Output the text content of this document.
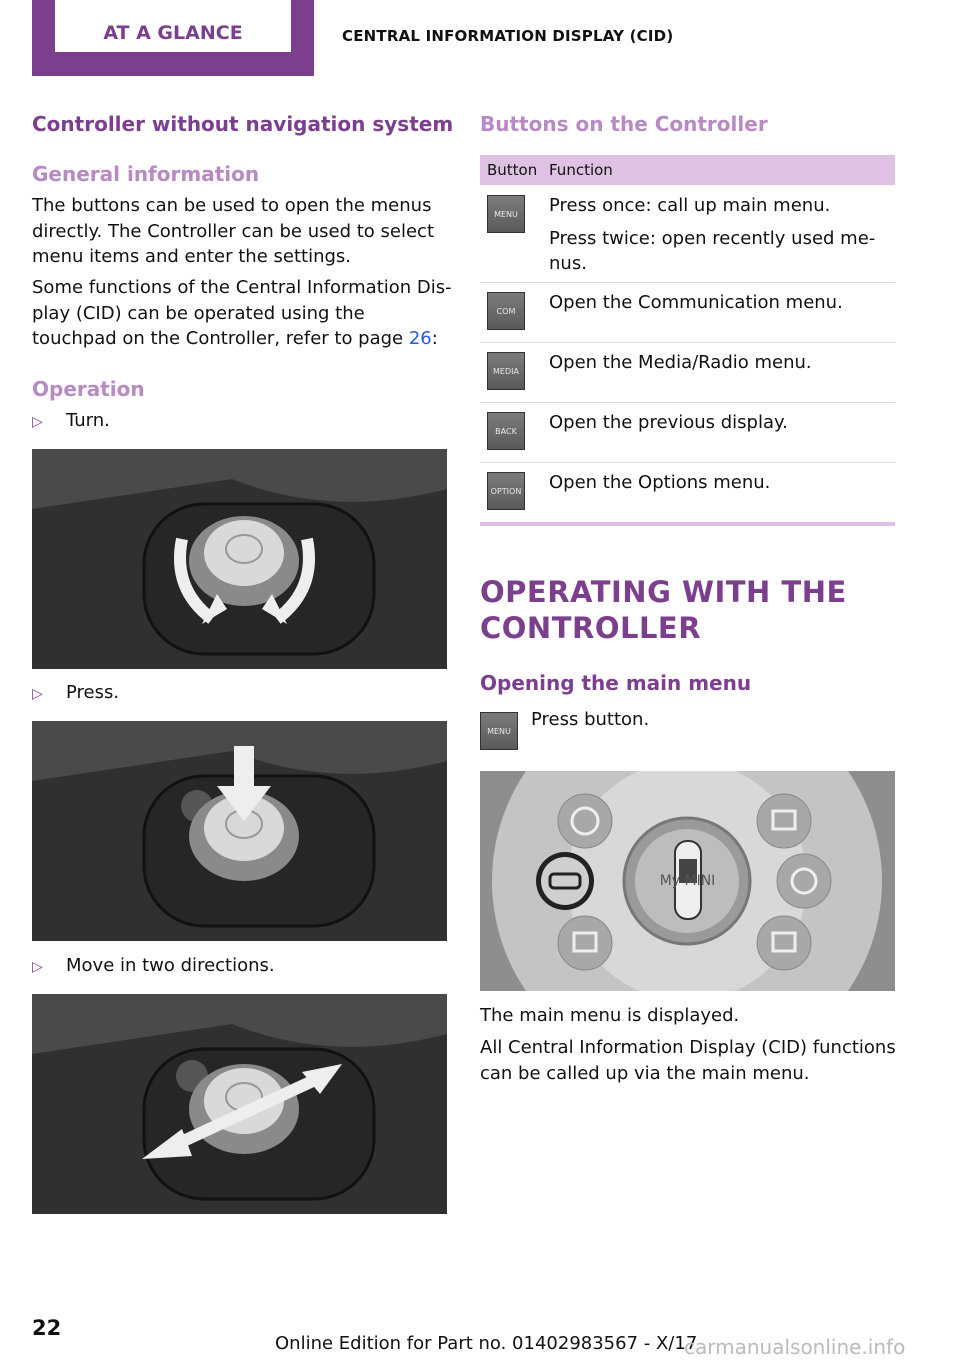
AT A GLANCE	CENTRAL INFORMATION DISPLAY (CID)
Controller without navigation system
General information

The buttons can be used to open the menus directly. The Controller can be used to select menu items and enter the settings.

Some functions of the Central Information Display (CID) can be operated using the touchpad on the Controller, refer to page 26:

Operation

▷ Turn.

▷ Press.

▷ Move in two directions.

Buttons on the Controller
Button Function
MENU	Press once: call up main menu.
Press twice: open recently used menus.
COM	Open the Communication menu.
MEDIA	Open the Media/Radio menu.
BACK	Open the previous display.
OPTION Open the Options menu.
OPERATING WITH THE CONTROLLER
Opening the main menu
MENU

Press button.

My MINI

The main menu is displayed.

All Central Information Display (CID) functions can be called up via the main menu.

22
Online Edition for Part no. 01402983567 - X/17
carmanualsonline.info
